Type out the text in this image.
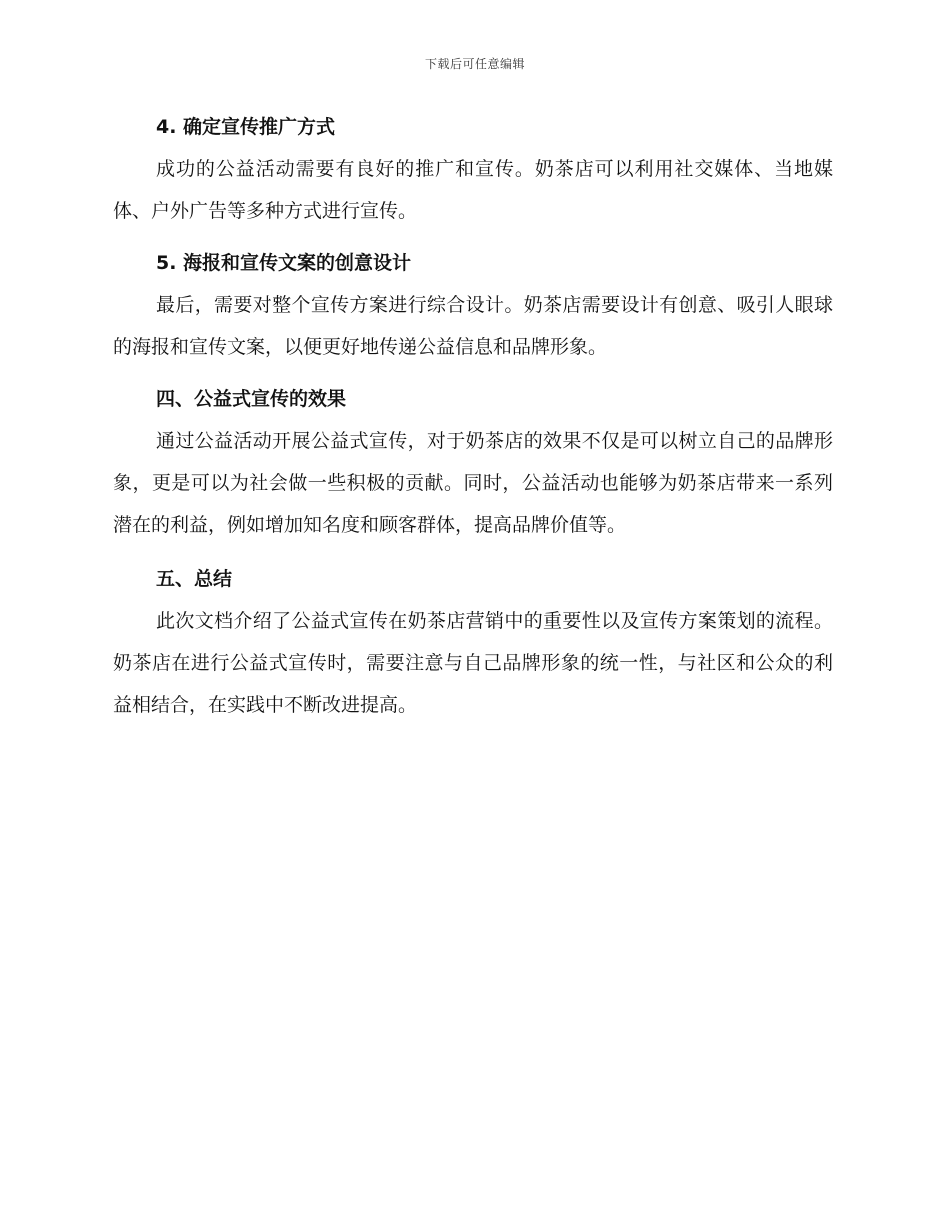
下载后可任意编辑
4. 确定宣传推广方式

成功的公益活动需要有良好的推广和宣传。奶茶店可以利用社交媒体、当地媒体、户外广告等多种方式进行宣传。

5. 海报和宣传文案的创意设计

最后，需要对整个宣传方案进行综合设计。奶茶店需要设计有创意、吸引人眼球的海报和宣传文案，以便更好地传递公益信息和品牌形象。

四、公益式宣传的效果

通过公益活动开展公益式宣传，对于奶茶店的效果不仅是可以树立自己的品牌形象，更是可以为社会做一些积极的贡献。同时，公益活动也能够为奶茶店带来一系列潜在的利益，例如增加知名度和顾客群体，提高品牌价值等。

五、总结

此次文档介绍了公益式宣传在奶茶店营销中的重要性以及宣传方案策划的流程。奶茶店在进行公益式宣传时，需要注意与自己品牌形象的统一性，与社区和公众的利益相结合，在实践中不断改进提高。
